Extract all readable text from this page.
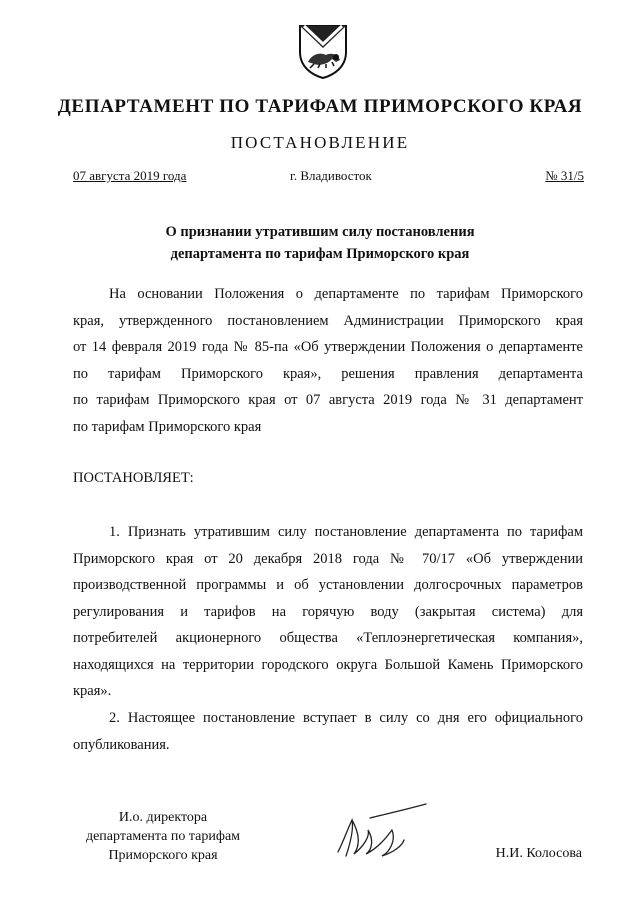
ДЕПАРТАМЕНТ ПО ТАРИФАМ ПРИМОРСКОГО КРАЯ
ПОСТАНОВЛЕНИЕ
07 августа 2019 года	г. Владивосток	№ 31/5
О признании утратившим силу постановления
департамента по тарифам Приморского края
На основании Положения о департаменте по тарифам Приморского
края, утвержденного постановлением Администрации Приморского края
от 14 февраля 2019 года № 85-па «Об утверждении Положения о департаменте
по тарифам Приморского края», решения правления департамента
по тарифам Приморского края от 07 августа 2019 года № 31 департамент
по тарифам Приморского края
ПОСТАНОВЛЯЕТ:
1. Признать утратившим силу постановление департамента по тарифам
Приморского края от 20 декабря 2018 года № 70/17 «Об утверждении
производственной программы и об установлении долгосрочных параметров
регулирования и тарифов на горячую воду (закрытая система) для
потребителей акционерного общества «Теплоэнергетическая компания»,
находящихся на территории городского округа Большой Камень Приморского
края».
2. Настоящее постановление вступает в силу со дня его официального
опубликования.
И.о. директора
департамента по тарифам
Приморского края	Н.И. Колосова
